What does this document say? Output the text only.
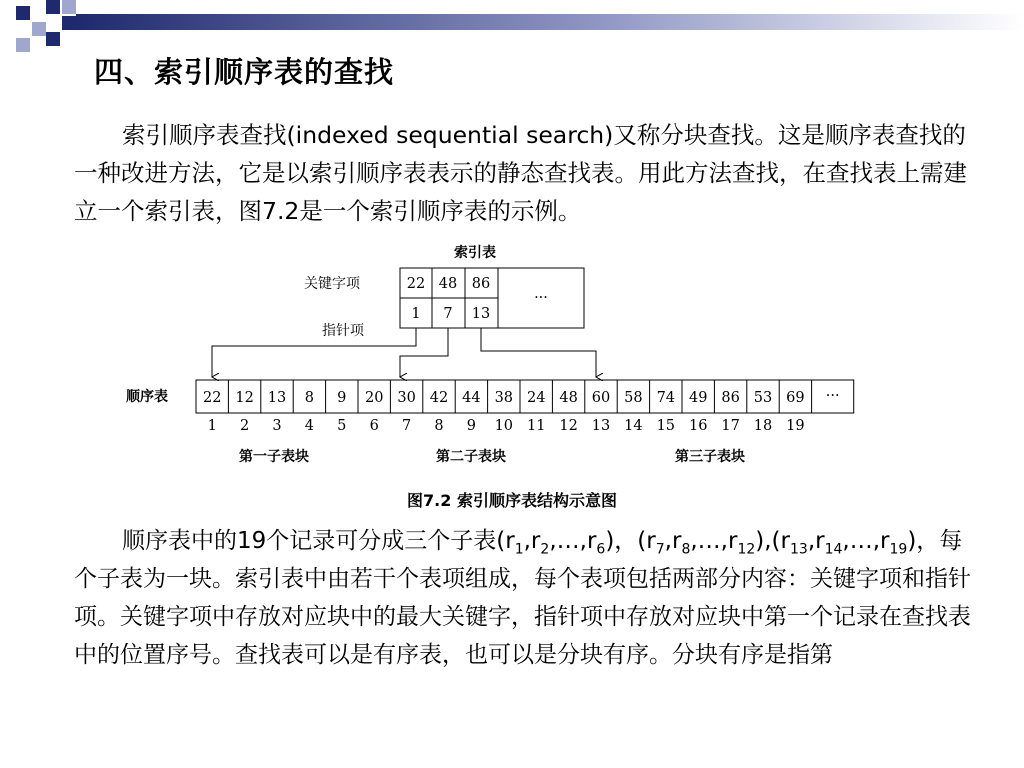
四、索引顺序表的查找
索引顺序表查找(indexed sequential search)又称分块查找。这是顺序表查找的一种改进方法，它是以索引顺序表表示的静态查找表。用此方法查找，在查找表上需建立一个索引表，图7.2是一个索引顺序表的示例。
索引表
关键字项
指针项
22 48 86
1 7 13
···
顺序表 22
1
12
2
13
3
8
4
9
5
20
6
30
7
42
8
44
9
38
10
24
11
48
12
60
13
58
14
74
15
49
16
86
17
53
18
69
19
···
第一子表块	第二子表块	第三子表块
图7.2 索引顺序表结构示意图
顺序表中的19个记录可分成三个子表$(r_1,r_2,\dots,r_6)$，$(r_7,r_8,\dots,r_{12}),(r_{13},r_{14},\dots,r_{19})$，每个子表为一块。索引表中由若干个表项组成，每个表项包括两部分内容：关键字项和指针项。关键字项中存放对应块中的最大关键字，指针项中存放对应块中第一个记录在查找表中的位置序号。查找表可以是有序表，也可以是分块有序。分块有序是指第
